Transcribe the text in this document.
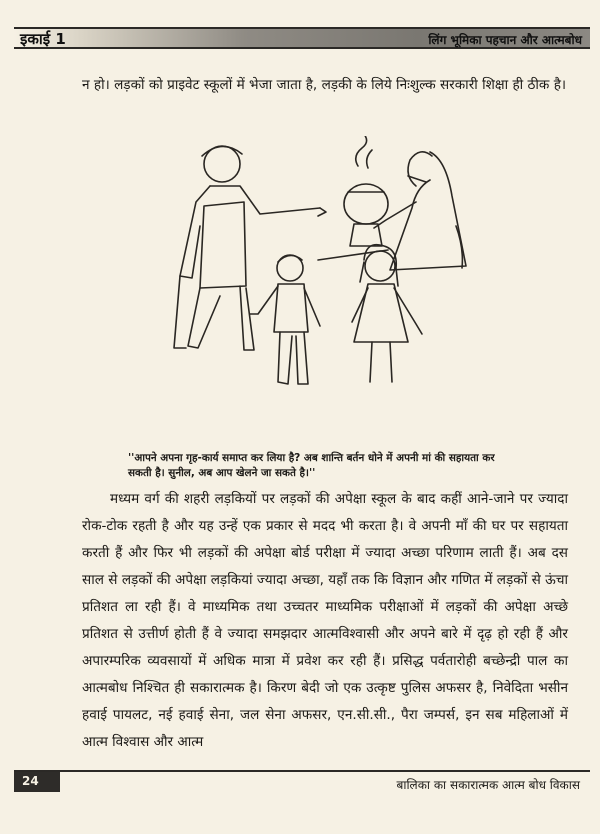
इकाई 1	लिंग भूमिका पहचान और आत्मबोध

न हो। लड़कों को प्राइवेट स्कूलों में भेजा जाता है, लड़की के लिये निःशुल्क सरकारी शिक्षा ही ठीक है।

''आपने अपना गृह-कार्य समाप्त कर लिया है? अब शान्ति बर्तन धोने में अपनी मां की सहायता कर सकती है। सुनील, अब आप खेलने जा सकते है।''

मध्यम वर्ग की शहरी लड़कियों पर लड़कों की अपेक्षा स्कूल के बाद कहीं आने-जाने पर ज्यादा रोक-टोक रहती है और यह उन्हें एक प्रकार से मदद भी करता है। वे अपनी माँ की घर पर सहायता करती हैं और फिर भी लड़कों की अपेक्षा बोर्ड परीक्षा में ज्यादा अच्छा परिणाम लाती हैं। अब दस साल से लड़कों की अपेक्षा लड़कियां ज्यादा अच्छा, यहाँ तक कि विज्ञान और गणित में लड़कों से ऊंचा प्रतिशत ला रही हैं। वे माध्यमिक तथा उच्चतर माध्यमिक परीक्षाओं में लड़कों की अपेक्षा अच्छे प्रतिशत से उत्तीर्ण होती हैं वे ज्यादा समझदार आत्मविश्वासी और अपने बारे में दृढ़ हो रही हैं और अपारम्परिक व्यवसायों में अधिक मात्रा में प्रवेश कर रही हैं। प्रसिद्ध पर्वतारोही बच्छेन्द्री पाल का आत्मबोध निश्चित ही सकारात्मक है। किरण बेदी जो एक उत्कृष्ट पुलिस अफसर है, निवेदिता भसीन हवाई पायलट, नई हवाई सेना, जल सेना अफसर, एन.सी.सी., पैरा जम्पर्स, इन सब महिलाओं में आत्म विश्वास और आत्म

24	बालिका का सकारात्मक आत्म बोध विकास
